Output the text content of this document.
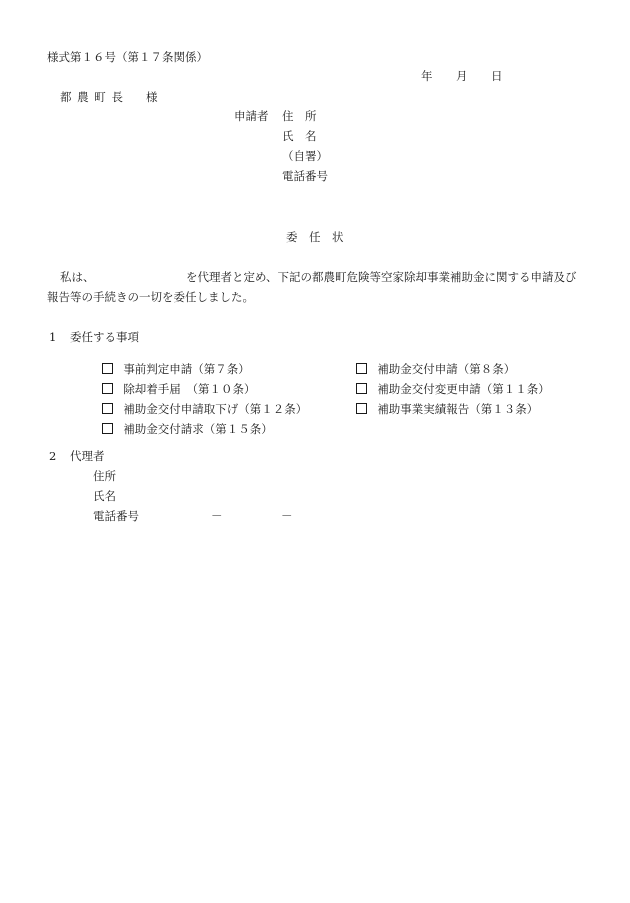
様式第１６号（第１７条関係）
年 月 日
都 農 町 長 様
申請者 住　所
氏　名
（自署）
電話番号
委　任　状
私は、	を代理者と定め、下記の都農町危険等空家除却事業補助金に関する申請及び
報告等の手続きの一切を委任しました。
1 委任する事項

事前判定申請（第７条）	補助金交付申請（第８条）

除却着手届　（第１０条）	補助金交付変更申請（第１１条）

補助金交付申請取下げ（第１２条）	補助事業実績報告（第１３条）

補助金交付請求（第１５条）

2 代理者
住所
氏名
電話番号	－	－
